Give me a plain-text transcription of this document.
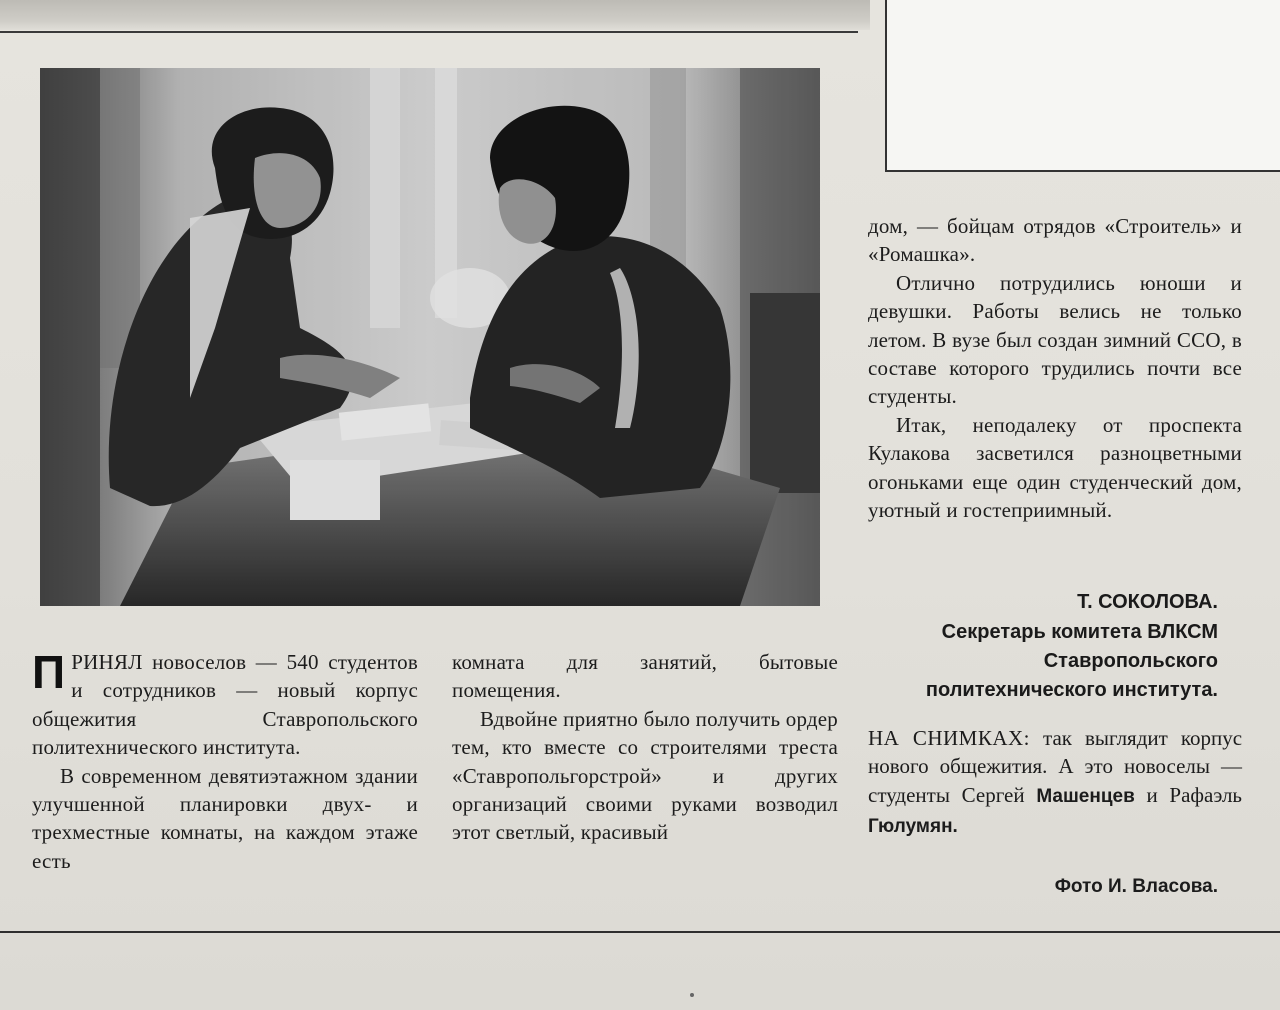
ПРИНЯЛ новоселов — 540 студентов и сотрудников — новый корпус общежития Ставропольского политехнического института.

В современном девятиэтажном здании улучшенной планировки двух- и трехместные комнаты, на каждом этаже есть

комната для занятий, бытовые помещения.

Вдвойне приятно было получить ордер тем, кто вместе со строителями треста «Ставропольгорстрой» и других организаций своими руками возводил этот светлый, красивый

дом, — бойцам отрядов «Строитель» и «Ромашка».

Отлично потрудились юноши и девушки. Работы велись не только летом. В вузе был создан зимний ССО, в составе которого трудились почти все студенты.

Итак, неподалеку от проспекта Кулакова засветился разноцветными огоньками еще один студенческий дом, уютный и гостеприимный.

Т. СОКОЛОВА.
Секретарь комитета ВЛКСМ Ставропольского политехнического института.
НА СНИМКАХ: так выглядит корпус нового общежития. А это новоселы — студенты Сергей Машенцев и Рафаэль Гюлумян.
Фото И. Власова.
